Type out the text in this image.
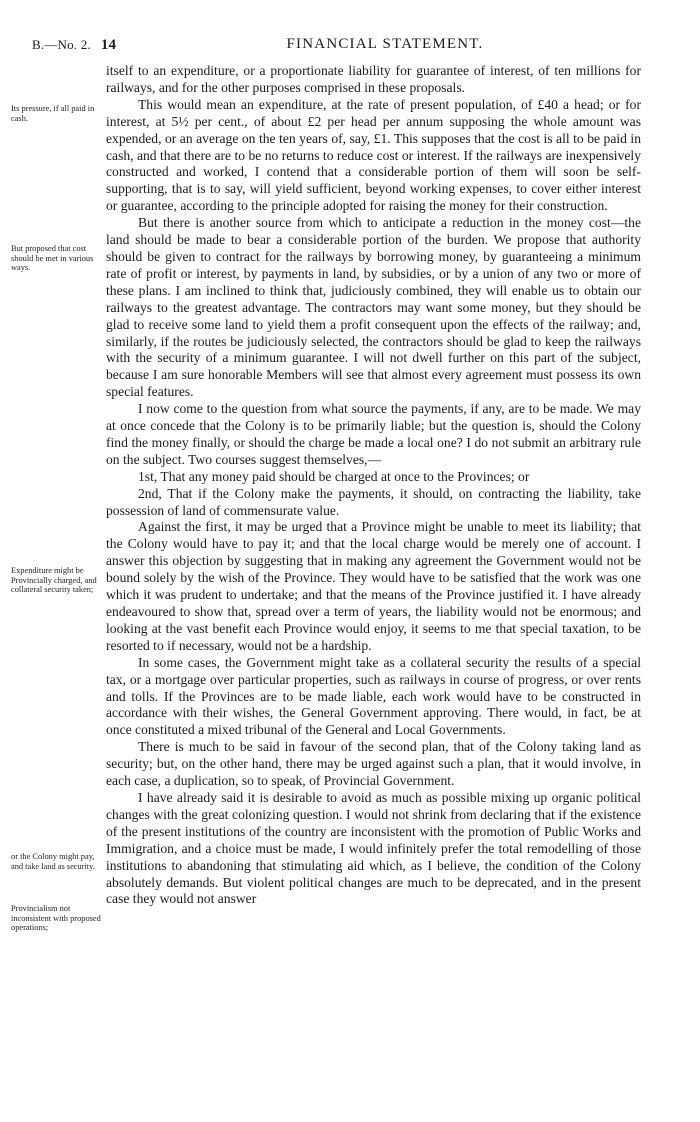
B.—No. 2. 14	FINANCIAL STATEMENT.
Its pressure, if all paid in cash.
But proposed that cost should be met in various ways.
Expenditure might be Provincially charged, and collateral security taken;
or the Colony might pay, and take land as security.
Provincialism not inconsistent with proposed operations;

itself to an expenditure, or a proportionate liability for guarantee of interest, of ten millions for railways, and for the other purposes comprised in these proposals.

This would mean an expenditure, at the rate of present population, of £40 a head; or for interest, at 5½ per cent., of about £2 per head per annum supposing the whole amount was expended, or an average on the ten years of, say, £1. This supposes that the cost is all to be paid in cash, and that there are to be no returns to reduce cost or interest. If the railways are inexpensively constructed and worked, I contend that a considerable portion of them will soon be self-supporting, that is to say, will yield sufficient, beyond working expenses, to cover either interest or guarantee, according to the principle adopted for raising the money for their construction.

But there is another source from which to anticipate a reduction in the money cost—the land should be made to bear a considerable portion of the burden. We propose that authority should be given to contract for the railways by borrowing money, by guaranteeing a minimum rate of profit or interest, by payments in land, by subsidies, or by a union of any two or more of these plans. I am inclined to think that, judiciously combined, they will enable us to obtain our railways to the greatest advantage. The contractors may want some money, but they should be glad to receive some land to yield them a profit consequent upon the effects of the railway; and, similarly, if the routes be judiciously selected, the contractors should be glad to keep the railways with the security of a minimum guarantee. I will not dwell further on this part of the subject, because I am sure honorable Members will see that almost every agreement must possess its own special features.

I now come to the question from what source the payments, if any, are to be made. We may at once concede that the Colony is to be primarily liable; but the question is, should the Colony find the money finally, or should the charge be made a local one? I do not submit an arbitrary rule on the subject. Two courses suggest themselves,—

1st, That any money paid should be charged at once to the Provinces; or

2nd, That if the Colony make the payments, it should, on contracting the liability, take possession of land of commensurate value.

Against the first, it may be urged that a Province might be unable to meet its liability; that the Colony would have to pay it; and that the local charge would be merely one of account. I answer this objection by suggesting that in making any agreement the Government would not be bound solely by the wish of the Province. They would have to be satisfied that the work was one which it was prudent to undertake; and that the means of the Province justified it. I have already endeavoured to show that, spread over a term of years, the liability would not be enormous; and looking at the vast benefit each Province would enjoy, it seems to me that special taxation, to be resorted to if necessary, would not be a hardship.

In some cases, the Government might take as a collateral security the results of a special tax, or a mortgage over particular properties, such as railways in course of progress, or over rents and tolls. If the Provinces are to be made liable, each work would have to be constructed in accordance with their wishes, the General Government approving. There would, in fact, be at once constituted a mixed tribunal of the General and Local Governments.

There is much to be said in favour of the second plan, that of the Colony taking land as security; but, on the other hand, there may be urged against such a plan, that it would involve, in each case, a duplication, so to speak, of Provincial Government.

I have already said it is desirable to avoid as much as possible mixing up organic political changes with the great colonizing question. I would not shrink from declaring that if the existence of the present institutions of the country are inconsistent with the promotion of Public Works and Immigration, and a choice must be made, I would infinitely prefer the total remodelling of those institutions to abandoning that stimulating aid which, as I believe, the condition of the Colony absolutely demands. But violent political changes are much to be deprecated, and in the present case they would not answer
